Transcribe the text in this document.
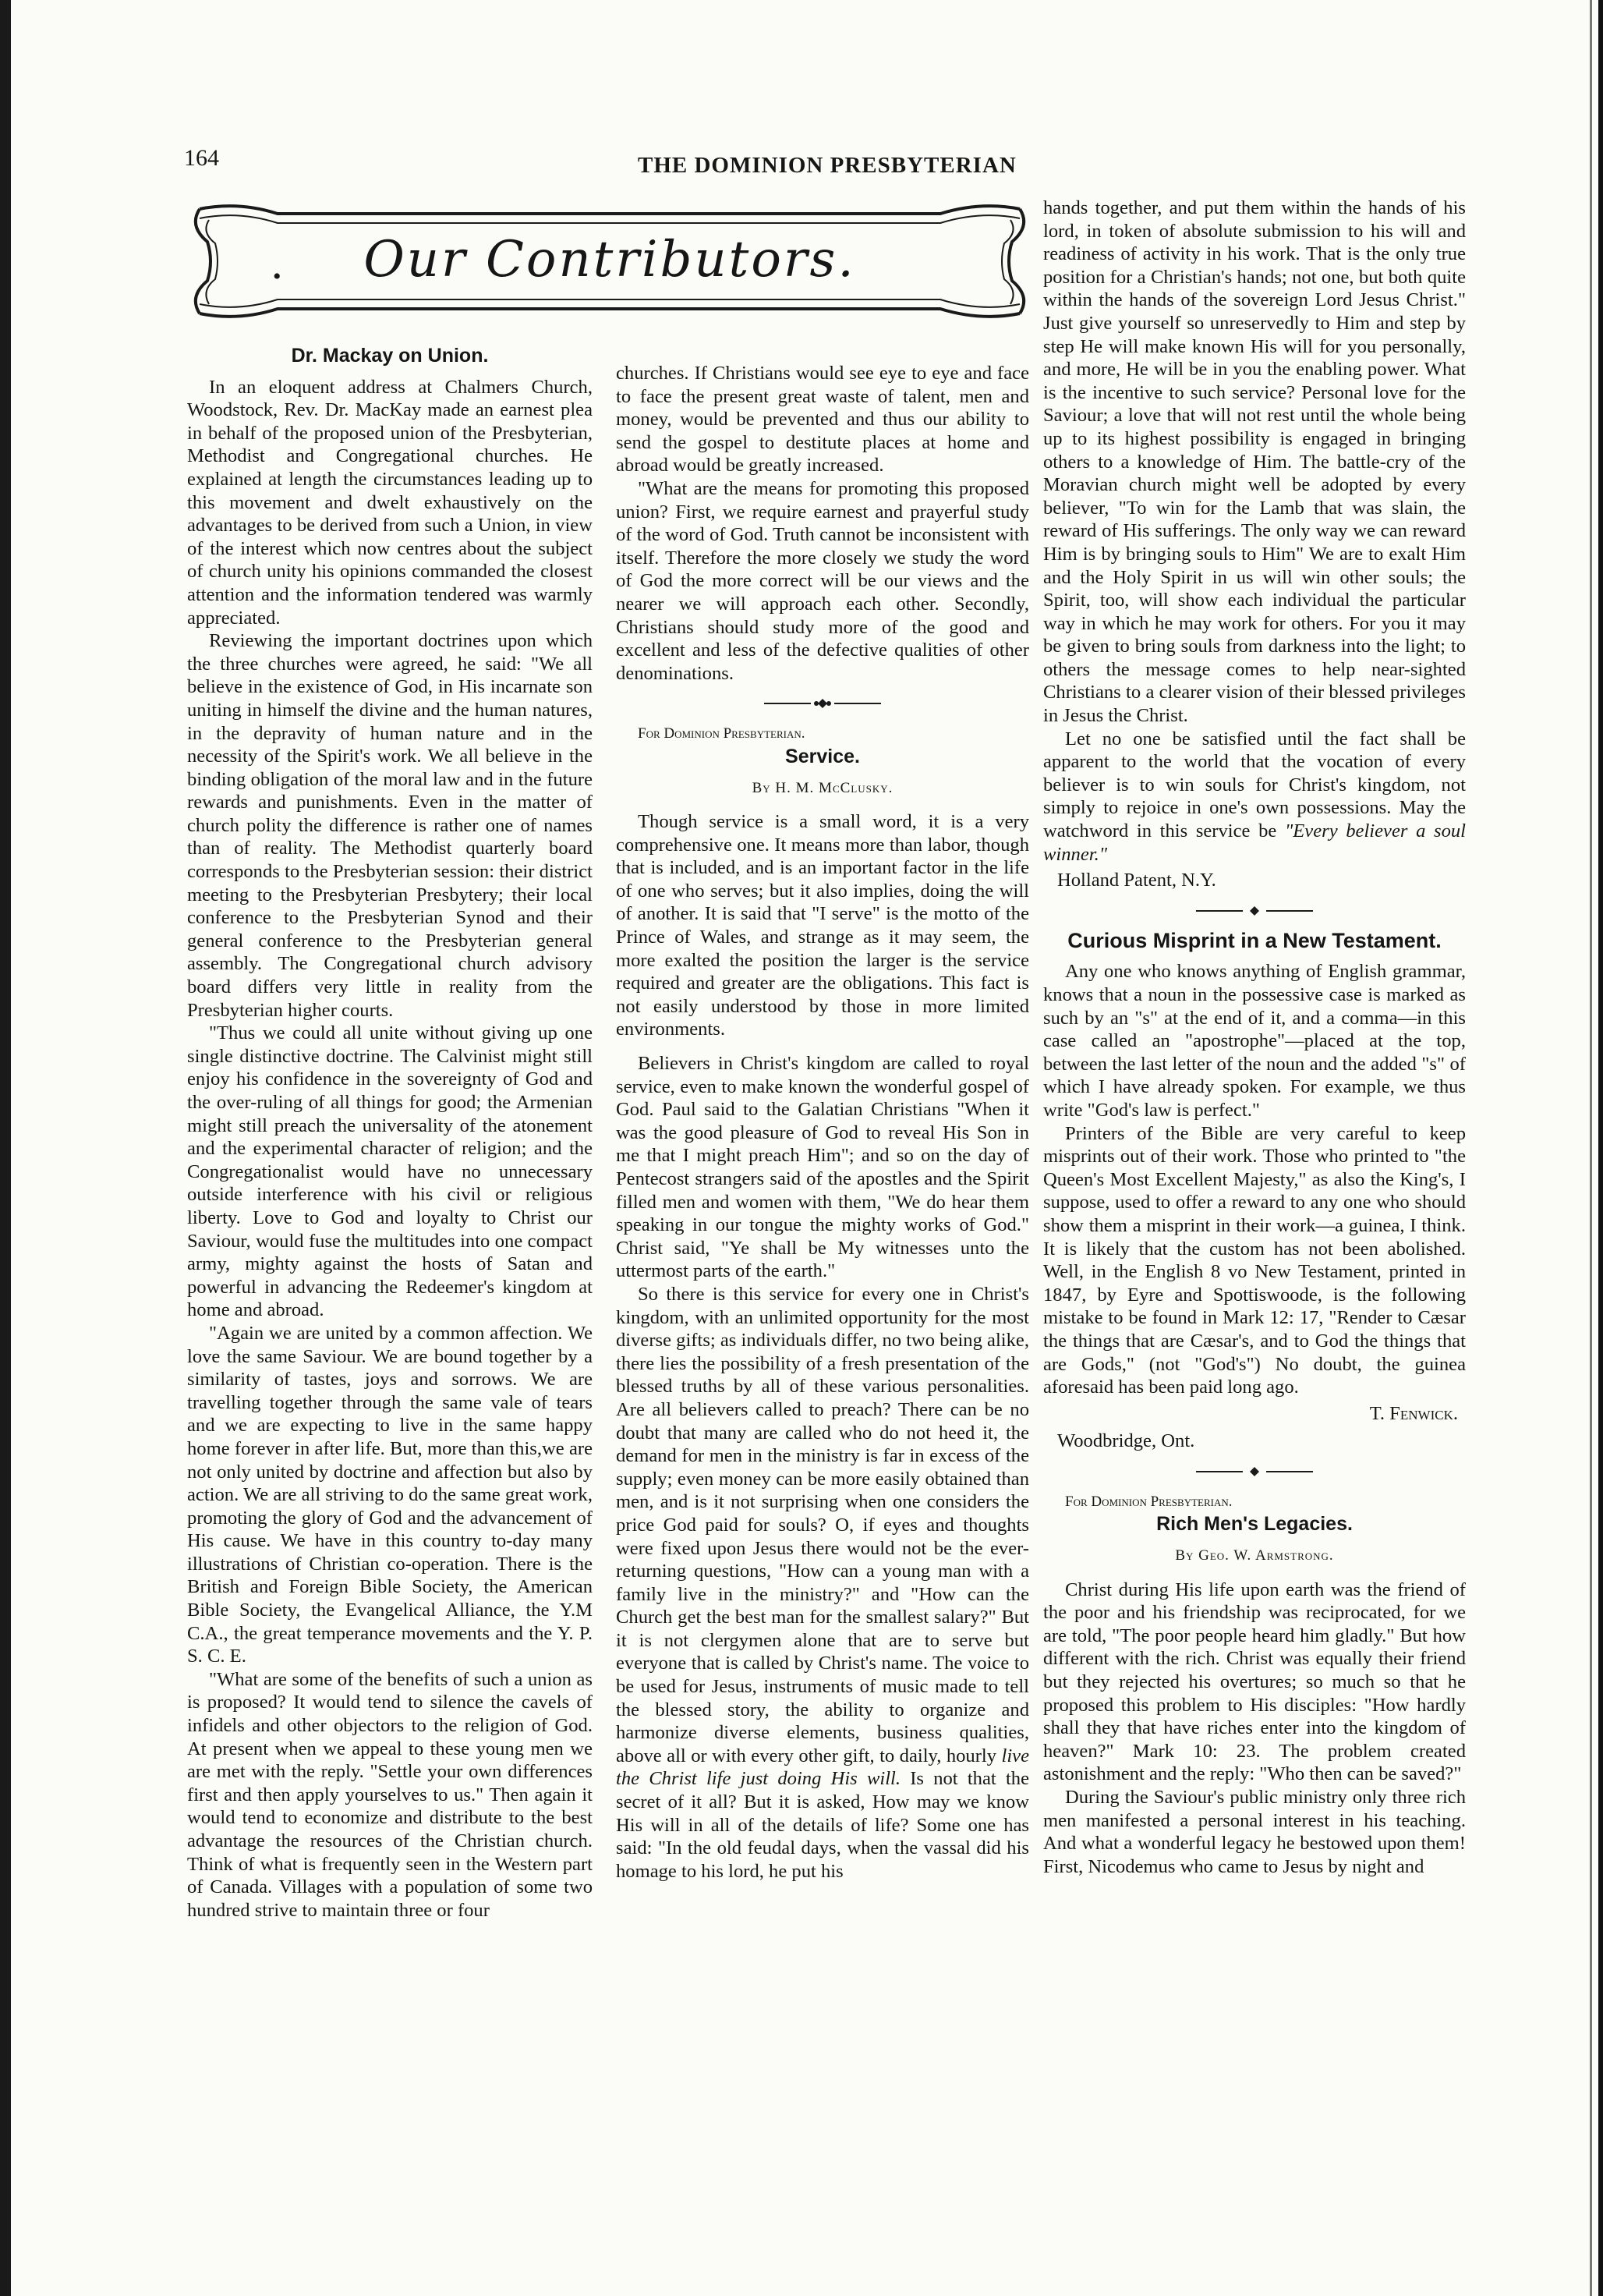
164	THE DOMINION PRESBYTERIAN
•	Our Contributors.
Dr. Mackay on Union.

In an eloquent address at Chalmers Church, Woodstock, Rev. Dr. MacKay made an earnest plea in behalf of the proposed union of the Presbyterian, Methodist and Congregational churches. He explained at length the circumstances leading up to this movement and dwelt exhaustively on the advantages to be derived from such a Union, in view of the interest which now centres about the subject of church unity his opinions commanded the closest attention and the information tendered was warmly appreciated.

Reviewing the important doctrines upon which the three churches were agreed, he said: "We all believe in the existence of God, in His incarnate son uniting in himself the divine and the human natures, in the depravity of human nature and in the necessity of the Spirit's work. We all believe in the binding obligation of the moral law and in the future rewards and punishments. Even in the matter of church polity the difference is rather one of names than of reality. The Methodist quarterly board corresponds to the Presbyterian session: their district meeting to the Presbyterian Presbytery; their local conference to the Presbyterian Synod and their general conference to the Presbyterian general assembly. The Congregational church advisory board differs very little in reality from the Presbyterian higher courts.

"Thus we could all unite without giving up one single distinctive doctrine. The Calvinist might still enjoy his confidence in the sovereignty of God and the over-ruling of all things for good; the Armenian might still preach the universality of the atonement and the experimental character of religion; and the Congregationalist would have no unnecessary outside interference with his civil or religious liberty. Love to God and loyalty to Christ our Saviour, would fuse the multitudes into one compact army, mighty against the hosts of Satan and powerful in advancing the Redeemer's kingdom at home and abroad.

"Again we are united by a common affection. We love the same Saviour. We are bound together by a similarity of tastes, joys and sorrows. We are travelling together through the same vale of tears and we are expecting to live in the same happy home forever in after life. But, more than this,we are not only united by doctrine and affection but also by action. We are all striving to do the same great work, promoting the glory of God and the advancement of His cause. We have in this country to-day many illustrations of Christian co-operation. There is the British and Foreign Bible Society, the American Bible Society, the Evangelical Alliance, the Y.M C.A., the great temperance movements and the Y. P. S. C. E.

"What are some of the benefits of such a union as is proposed? It would tend to silence the cavels of infidels and other objectors to the religion of God. At present when we appeal to these young men we are met with the reply. "Settle your own differences first and then apply yourselves to us." Then again it would tend to economize and distribute to the best advantage the resources of the Christian church. Think of what is frequently seen in the Western part of Canada. Villages with a population of some two hundred strive to maintain three or four

churches. If Christians would see eye to eye and face to face the present great waste of talent, men and money, would be prevented and thus our ability to send the gospel to destitute places at home and abroad would be greatly increased.

"What are the means for promoting this proposed union? First, we require earnest and prayerful study of the word of God. Truth cannot be inconsistent with itself. Therefore the more closely we study the word of God the more correct will be our views and the nearer we will approach each other. Secondly, Christians should study more of the good and excellent and less of the defective qualities of other denominations.

For Dominion Presbyterian.

Service.
By H. M. McClusky.

Though service is a small word, it is a very comprehensive one. It means more than labor, though that is included, and is an important factor in the life of one who serves; but it also implies, doing the will of another. It is said that "I serve" is the motto of the Prince of Wales, and strange as it may seem, the more exalted the position the larger is the service required and greater are the obligations. This fact is not easily understood by those in more limited environments.

Believers in Christ's kingdom are called to royal service, even to make known the wonderful gospel of God. Paul said to the Galatian Christians "When it was the good pleasure of God to reveal His Son in me that I might preach Him"; and so on the day of Pentecost strangers said of the apostles and the Spirit filled men and women with them, "We do hear them speaking in our tongue the mighty works of God." Christ said, "Ye shall be My witnesses unto the uttermost parts of the earth."

So there is this service for every one in Christ's kingdom, with an unlimited opportunity for the most diverse gifts; as individuals differ, no two being alike, there lies the possibility of a fresh presentation of the blessed truths by all of these various personalities. Are all believers called to preach? There can be no doubt that many are called who do not heed it, the demand for men in the ministry is far in excess of the supply; even money can be more easily obtained than men, and is it not surprising when one considers the price God paid for souls? O, if eyes and thoughts were fixed upon Jesus there would not be the ever-returning questions, "How can a young man with a family live in the ministry?" and "How can the Church get the best man for the smallest salary?" But it is not clergymen alone that are to serve but everyone that is called by Christ's name. The voice to be used for Jesus, instruments of music made to tell the blessed story, the ability to organize and harmonize diverse elements, business qualities, above all or with every other gift, to daily, hourly live the Christ life just doing His will. Is not that the secret of it all? But it is asked, How may we know His will in all of the details of life? Some one has said: "In the old feudal days, when the vassal did his homage to his lord, he put his

hands together, and put them within the hands of his lord, in token of absolute submission to his will and readiness of activity in his work. That is the only true position for a Christian's hands; not one, but both quite within the hands of the sovereign Lord Jesus Christ." Just give yourself so unreservedly to Him and step by step He will make known His will for you personally, and more, He will be in you the enabling power. What is the incentive to such service? Personal love for the Saviour; a love that will not rest until the whole being up to its highest possibility is engaged in bringing others to a knowledge of Him. The battle-cry of the Moravian church might well be adopted by every believer, "To win for the Lamb that was slain, the reward of His sufferings. The only way we can reward Him is by bringing souls to Him" We are to exalt Him and the Holy Spirit in us will win other souls; the Spirit, too, will show each individual the particular way in which he may work for others. For you it may be given to bring souls from darkness into the light; to others the message comes to help near-sighted Christians to a clearer vision of their blessed privileges in Jesus the Christ.

Let no one be satisfied until the fact shall be apparent to the world that the vocation of every believer is to win souls for Christ's kingdom, not simply to rejoice in one's own possessions. May the watchword in this service be "Every believer a soul winner."

Holland Patent, N.Y.

Curious Misprint in a New Testament.

Any one who knows anything of English grammar, knows that a noun in the possessive case is marked as such by an "s" at the end of it, and a comma—in this case called an "apostrophe"—placed at the top, between the last letter of the noun and the added "s" of which I have already spoken. For example, we thus write "God's law is perfect."

Printers of the Bible are very careful to keep misprints out of their work. Those who printed to "the Queen's Most Excellent Majesty," as also the King's, I suppose, used to offer a reward to any one who should show them a misprint in their work—a guinea, I think. It is likely that the custom has not been abolished. Well, in the English 8 vo New Testament, printed in 1847, by Eyre and Spottiswoode, is the following mistake to be found in Mark 12: 17, "Render to Cæsar the things that are Cæsar's, and to God the things that are Gods," (not "God's") No doubt, the guinea aforesaid has been paid long ago.

T. Fenwick.

Woodbridge, Ont.

For Dominion Presbyterian.

Rich Men's Legacies.
By Geo. W. Armstrong.

Christ during His life upon earth was the friend of the poor and his friendship was reciprocated, for we are told, "The poor people heard him gladly." But how different with the rich. Christ was equally their friend but they rejected his overtures; so much so that he proposed this problem to His disciples: "How hardly shall they that have riches enter into the kingdom of heaven?" Mark 10: 23. The problem created astonishment and the reply: "Who then can be saved?"

During the Saviour's public ministry only three rich men manifested a personal interest in his teaching. And what a wonderful legacy he bestowed upon them! First, Nicodemus who came to Jesus by night and
